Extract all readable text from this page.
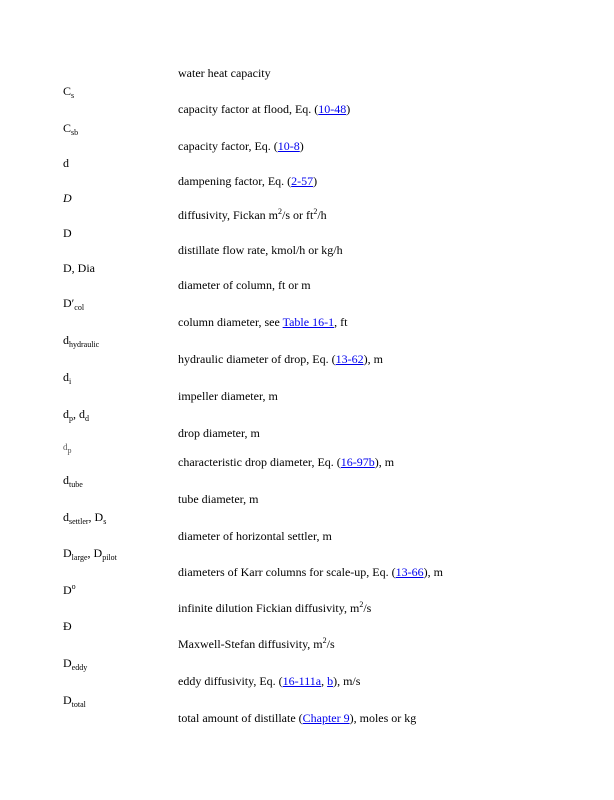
water heat capacity
$C_s$
capacity factor at flood, Eq. (10-48)
$C_{sb}$
capacity factor, Eq. (10-8)
d
dampening factor, Eq. (2-57)
D
diffusivity, Fickan $m^2/s$ or $ft^2/h$
D
distillate flow rate, kmol/h or kg/h
D, Dia
diameter of column, ft or m
$D'_{col}$
column diameter, see Table 16-1, ft
$d_{hydraulic}$
hydraulic diameter of drop, Eq. (13-62), m
$d_i$
impeller diameter, m
$d_p$, $d_d$
drop diameter, m
$d_p$
characteristic drop diameter, Eq. (16-97b), m
$d_{tube}$
tube diameter, m
$d_{settler}$, $D_s$
diameter of horizontal settler, m
$D_{large}$, $D_{pilot}$
diameters of Karr columns for scale-up, Eq. (13-66), m
$D^o$
infinite dilution Fickian diffusivity, $m^2/s$
Đ
Maxwell-Stefan diffusivity, $m^2/s$
$D_{eddy}$
eddy diffusivity, Eq. (16-111a, b), m/s
$D_{total}$
total amount of distillate (Chapter 9), moles or kg
